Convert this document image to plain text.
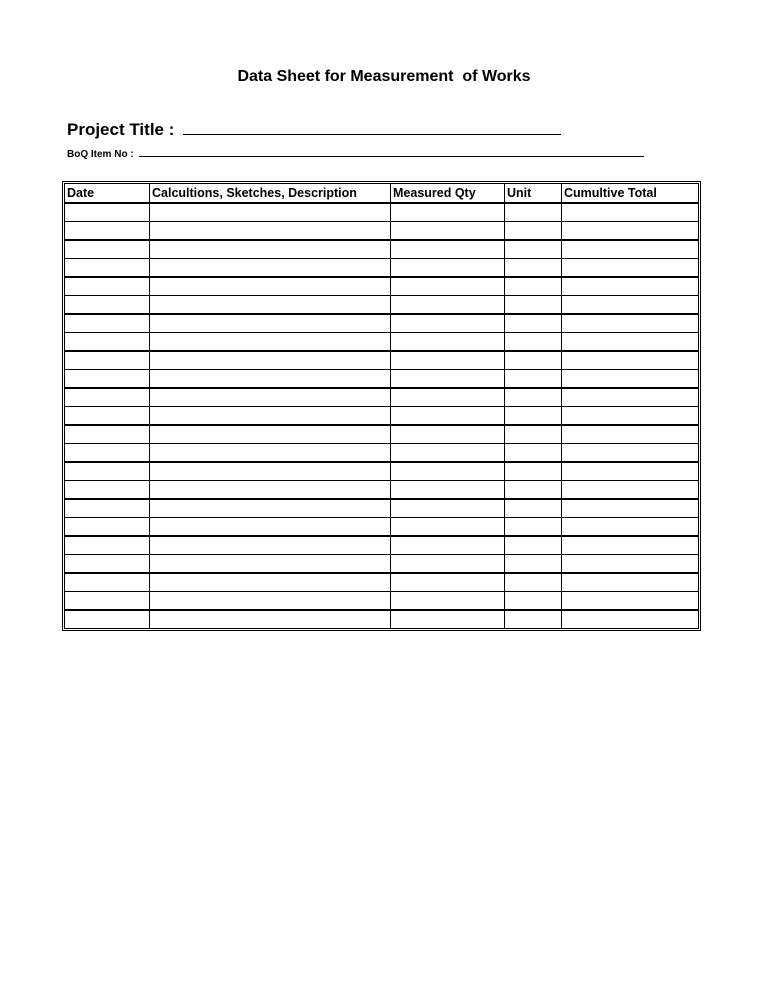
Data Sheet for Measurement  of Works
Project Title :
BoQ Item No :
Date	Calcultions, Sketches, Description	Measured Qty	Unit	Cumultive Total
